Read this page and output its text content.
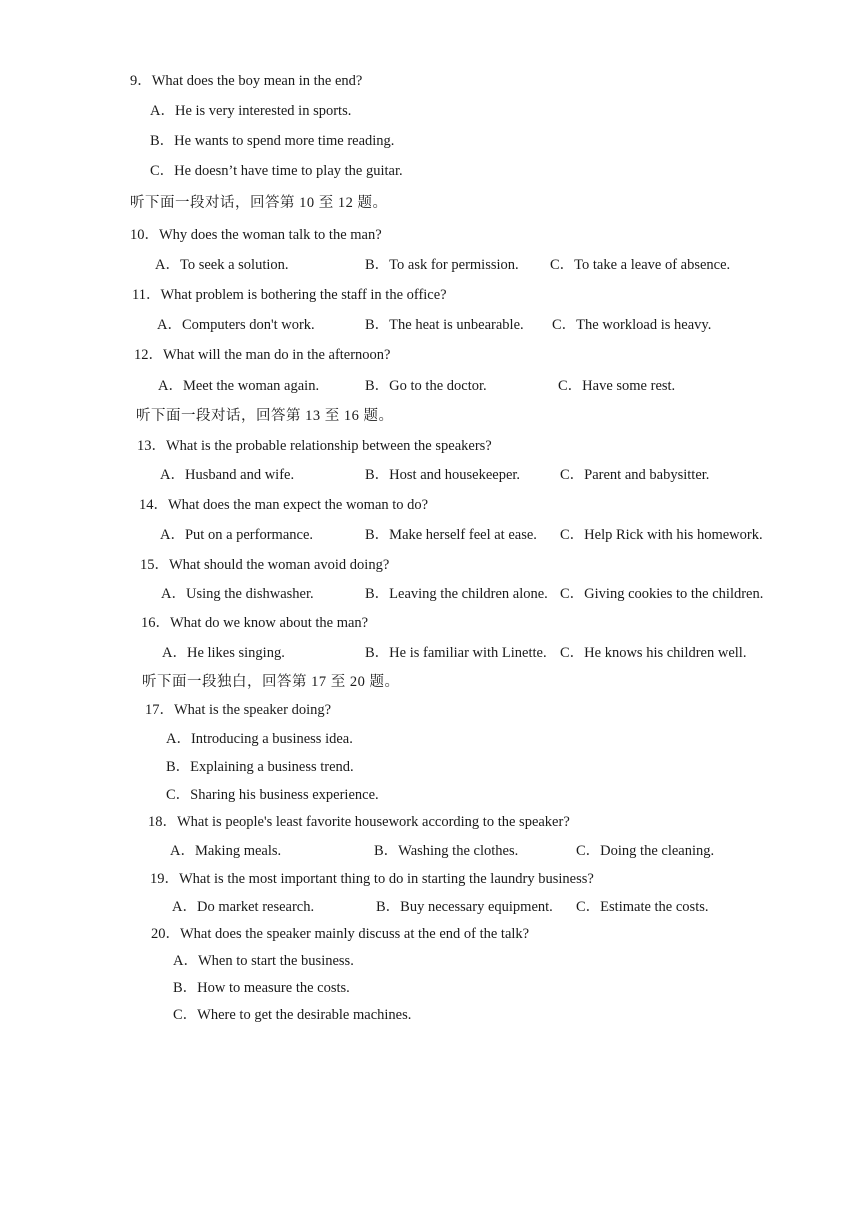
9．What does the boy mean in the end?
A．He is very interested in sports.
B．He wants to spend more time reading.
C．He doesn’t have time to play the guitar.
听下面一段对话，回答第 10 至 12 题。
10．Why does the woman talk to the man?
A．To seek a solution.	B．To ask for permission. C．To take a leave of absence.
11．What problem is bothering the staff in the office?
A．Computers don't work.	B．The heat is unbearable. C．The workload is heavy.
12．What will the man do in the afternoon?
A．Meet the woman again.	B．Go to the doctor.	C．Have some rest.
听下面一段对话，回答第 13 至 16 题。
13．What is the probable relationship between the speakers?
A．Husband and wife.	B．Host and housekeeper.	C．Parent and babysitter.
14．What does the man expect the woman to do?
A．Put on a performance.	B．Make herself feel at ease. C．Help Rick with his homework.
15．What should the woman avoid doing?
A．Using the dishwasher.	B．Leaving the children alone. C．Giving cookies to the children.
16．What do we know about the man?
A．He likes singing.	B．He is familiar with Linette. C．He knows his children well.
听下面一段独白，回答第 17 至 20 题。
17．What is the speaker doing?
A．Introducing a business idea.
B．Explaining a business trend.
C．Sharing his business experience.
18．What is people's least favorite housework according to the speaker?
A．Making meals.	B．Washing the clothes.	C．Doing the cleaning.
19．What is the most important thing to do in starting the laundry business?
A．Do market research.	B．Buy necessary equipment. C．Estimate the costs.
20．What does the speaker mainly discuss at the end of the talk?
A．When to start the business.
B．How to measure the costs.
C．Where to get the desirable machines.
